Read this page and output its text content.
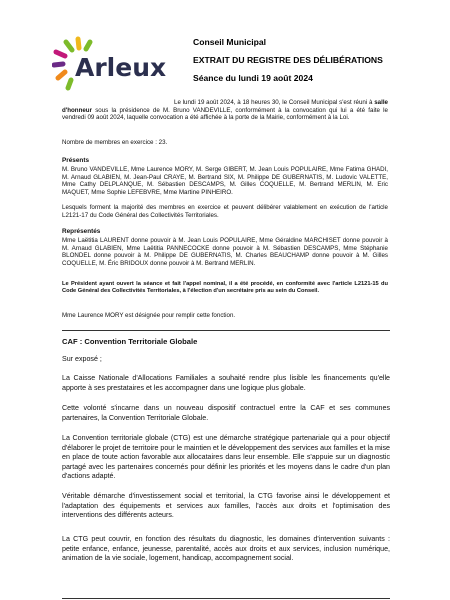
Arleux
Conseil Municipal
EXTRAIT DU REGISTRE DES DÉLIBÉRATIONS
Séance du lundi 19 août 2024

Le lundi 19 août 2024, à 18 heures 30, le Conseil Municipal s'est réuni à salle d'honneur sous la présidence de M. Bruno VANDEVILLE, conformément à la convocation qui lui a été faite le vendredi 09 août 2024, laquelle convocation a été affichée à la porte de la Mairie, conformément à la Loi.

Nombre de membres en exercice : 23.

Présents

M. Bruno VANDEVILLE, Mme Laurence MORY, M. Serge GIBERT, M. Jean Louis POPULAIRE, Mme Fatima GHADI, M. Arnaud GLABIEN, M. Jean-Paul CRAYE, M. Bertrand SIX, M. Philippe DE GUBERNATIS, M. Ludovic VALETTE, Mme Cathy DELPLANQUE, M. Sébastien DESCAMPS, M. Gilles COQUELLE, M. Bertrand MERLIN, M. Eric MAQUET, Mme Sophie LEFEBVRE, Mme Martine PINHEIRO.

Lesquels forment la majorité des membres en exercice et peuvent délibérer valablement en exécution de l'article L2121-17 du Code Général des Collectivités Territoriales.

Représentés

Mme Laëtitia LAURENT donne pouvoir à M. Jean Louis POPULAIRE, Mme Géraldine MARCHISET donne pouvoir à M. Arnaud GLABIEN, Mme Laëtitia PANNECOCKE donne pouvoir à M. Sébastien DESCAMPS, Mme Stéphanie BLONDEL donne pouvoir à M. Philippe DE GUBERNATIS, M. Charles BEAUCHAMP donne pouvoir à M. Gilles COQUELLE, M. Éric BRIDOUX donne pouvoir à M. Bertrand MERLIN.

Le Président ayant ouvert la séance et fait l'appel nominal, il a été procédé, en conformité avec l'article L2121-15 du Code Général des Collectivités Territoriales, à l'élection d'un secrétaire pris au sein du Conseil.

Mme Laurence MORY est désignée pour remplir cette fonction.

CAF : Convention Territoriale Globale

Sur exposé ;

La Caisse Nationale d'Allocations Familiales a souhaité rendre plus lisible les financements qu'elle apporte à ses prestataires et les accompagner dans une logique plus globale.

Cette volonté s'incarne dans un nouveau dispositif contractuel entre la CAF et ses communes partenaires, la Convention Territoriale Globale.

La Convention territoriale globale (CTG) est une démarche stratégique partenariale qui a pour objectif d'élaborer le projet de territoire pour le maintien et le développement des services aux familles et la mise en place de toute action favorable aux allocataires dans leur ensemble. Elle s'appuie sur un diagnostic partagé avec les partenaires concernés pour définir les priorités et les moyens dans le cadre d'un plan d'actions adapté.

Véritable démarche d'investissement social et territorial, la CTG favorise ainsi le développement et l'adaptation des équipements et services aux familles, l'accès aux droits et l'optimisation des interventions des différents acteurs.

La CTG peut couvrir, en fonction des résultats du diagnostic, les domaines d'intervention suivants : petite enfance, enfance, jeunesse, parentalité, accès aux droits et aux services, inclusion numérique, animation de la vie sociale, logement, handicap, accompagnement social.
